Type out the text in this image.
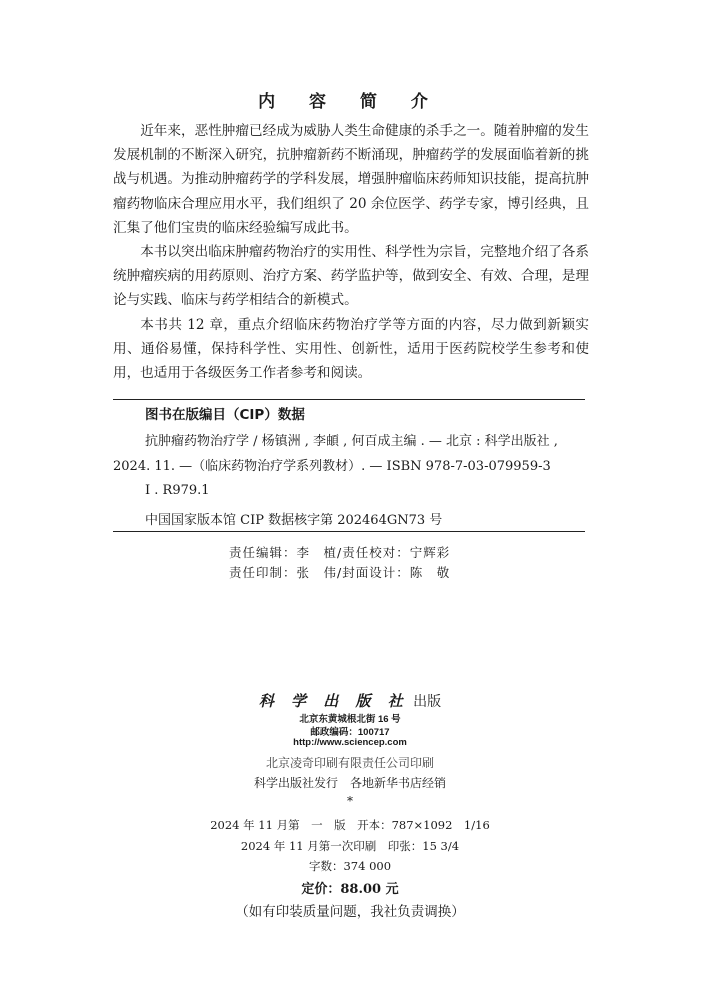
内 容 简 介

近年来，恶性肿瘤已经成为威胁人类生命健康的杀手之一。随着肿瘤的发生发展机制的不断深入研究，抗肿瘤新药不断涌现，肿瘤药学的发展面临着新的挑战与机遇。为推动肿瘤药学的学科发展，增强肿瘤临床药师知识技能，提高抗肿瘤药物临床合理应用水平，我们组织了 20 余位医学、药学专家，博引经典，且汇集了他们宝贵的临床经验编写成此书。

本书以突出临床肿瘤药物治疗的实用性、科学性为宗旨，完整地介绍了各系统肿瘤疾病的用药原则、治疗方案、药学监护等，做到安全、有效、合理，是理论与实践、临床与药学相结合的新模式。

本书共 12 章，重点介绍临床药物治疗学等方面的内容，尽力做到新颖实用、通俗易懂，保持科学性、实用性、创新性，适用于医药院校学生参考和使用，也适用于各级医务工作者参考和阅读。

图书在版编目（CIP）数据
抗肿瘤药物治疗学 / 杨镇洲 , 李頔 , 何百成主编 . — 北京 : 科学出版社 ,
2024. 11. —（临床药物治疗学系列教材）. — ISBN 978-7-03-079959-3
Ⅰ . R979.1
中国国家版本馆 CIP 数据核字第 202464GN73 号
责任编辑：李　植/责任校对：宁辉彩
责任印制：张　伟/封面设计：陈　敬
科 学 出 版 社 出版
北京东黄城根北街 16 号
邮政编码：100717
http://www.sciencep.com
北京凌奇印刷有限责任公司印刷
科学出版社发行　各地新华书店经销
*
2024 年 11 月第　一　版　开本：787×1092　1/16
2024 年 11 月第一次印刷　印张：15 3/4
字数：374 000
定价：88.00 元
（如有印装质量问题，我社负责调换）
